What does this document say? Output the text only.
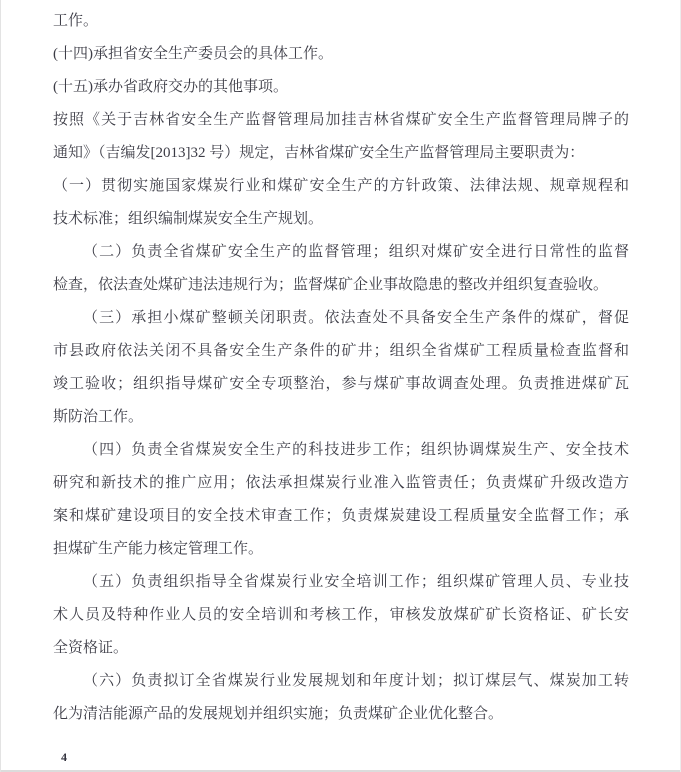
工作。
(十四)承担省安全生产委员会的具体工作。
(十五)承办省政府交办的其他事项。
按照《关于吉林省安全生产监督管理局加挂吉林省煤矿安全生产监督管理局牌子的
通知》（吉编发[2013]32 号）规定，吉林省煤矿安全生产监督管理局主要职责为：
（一）贯彻实施国家煤炭行业和煤矿安全生产的方针政策、法律法规、规章规程和
技术标准；组织编制煤炭安全生产规划。
（二）负责全省煤矿安全生产的监督管理；组织对煤矿安全进行日常性的监督
检查，依法查处煤矿违法违规行为；监督煤矿企业事故隐患的整改并组织复查验收。
（三）承担小煤矿整顿关闭职责。依法查处不具备安全生产条件的煤矿，督促
市县政府依法关闭不具备安全生产条件的矿井；组织全省煤矿工程质量检查监督和
竣工验收；组织指导煤矿安全专项整治，参与煤矿事故调查处理。负责推进煤矿瓦
斯防治工作。
（四）负责全省煤炭安全生产的科技进步工作；组织协调煤炭生产、安全技术
研究和新技术的推广应用；依法承担煤炭行业准入监管责任；负责煤矿升级改造方
案和煤矿建设项目的安全技术审查工作；负责煤炭建设工程质量安全监督工作；承
担煤矿生产能力核定管理工作。
（五）负责组织指导全省煤炭行业安全培训工作；组织煤矿管理人员、专业技
术人员及特种作业人员的安全培训和考核工作，审核发放煤矿矿长资格证、矿长安
全资格证。
（六）负责拟订全省煤炭行业发展规划和年度计划；拟订煤层气、煤炭加工转
化为清洁能源产品的发展规划并组织实施；负责煤矿企业优化整合。
4
